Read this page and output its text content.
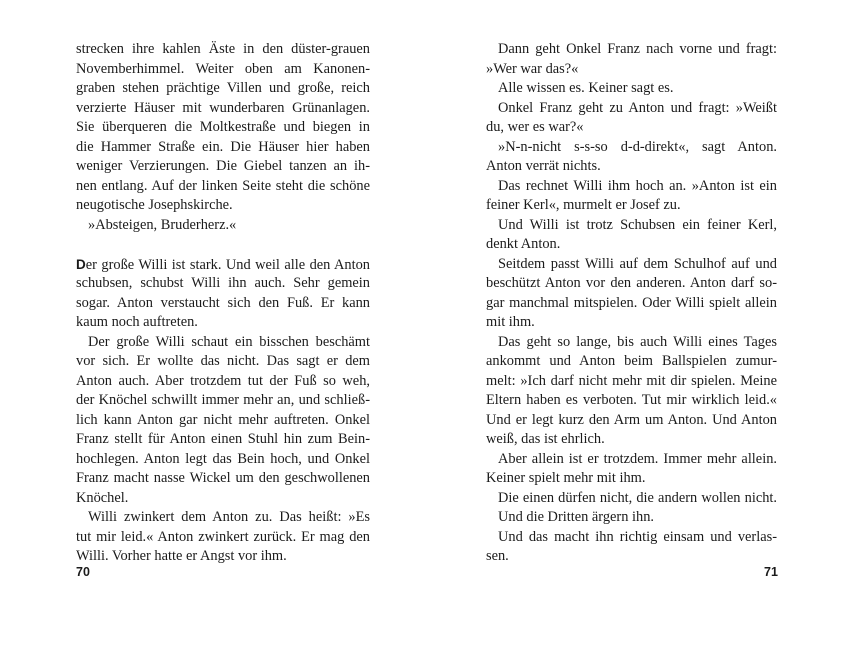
strecken ihre kahlen Äste in den düster-grauen
Novemberhimmel. Weiter oben am Kanonen-
graben stehen prächtige Villen und große, reich
verzierte Häuser mit wunderbaren Grünanlagen.
Sie überqueren die Moltkestraße und biegen in
die Hammer Straße ein. Die Häuser hier haben
weniger Verzierungen. Die Giebel tanzen an ih-
nen entlang. Auf der linken Seite steht die schöne
neugotische Josephskirche.
»Absteigen, Bruderherz.«
Der große Willi ist stark. Und weil alle den Anton
schubsen, schubst Willi ihn auch. Sehr gemein
sogar. Anton verstaucht sich den Fuß. Er kann
kaum noch auftreten.
Der große Willi schaut ein bisschen beschämt
vor sich. Er wollte das nicht. Das sagt er dem
Anton auch. Aber trotzdem tut der Fuß so weh,
der Knöchel schwillt immer mehr an, und schließ-
lich kann Anton gar nicht mehr auftreten. Onkel
Franz stellt für Anton einen Stuhl hin zum Bein-
hochlegen. Anton legt das Bein hoch, und Onkel
Franz macht nasse Wickel um den geschwollenen
Knöchel.
Willi zwinkert dem Anton zu. Das heißt: »Es
tut mir leid.« Anton zwinkert zurück. Er mag den
Willi. Vorher hatte er Angst vor ihm.
Dann geht Onkel Franz nach vorne und fragt:
»Wer war das?«
Alle wissen es. Keiner sagt es.
Onkel Franz geht zu Anton und fragt: »Weißt
du, wer es war?«
»N-n-nicht s-s-so d-d-direkt«, sagt Anton.
Anton verrät nichts.
Das rechnet Willi ihm hoch an. »Anton ist ein
feiner Kerl«, murmelt er Josef zu.
Und Willi ist trotz Schubsen ein feiner Kerl,
denkt Anton.
Seitdem passt Willi auf dem Schulhof auf und
beschützt Anton vor den anderen. Anton darf so-
gar manchmal mitspielen. Oder Willi spielt allein
mit ihm.
Das geht so lange, bis auch Willi eines Tages
ankommt und Anton beim Ballspielen zumur-
melt: »Ich darf nicht mehr mit dir spielen. Meine
Eltern haben es verboten. Tut mir wirklich leid.«
Und er legt kurz den Arm um Anton. Und Anton
weiß, das ist ehrlich.
Aber allein ist er trotzdem. Immer mehr allein.
Keiner spielt mehr mit ihm.
Die einen dürfen nicht, die andern wollen nicht.
Und die Dritten ärgern ihn.
Und das macht ihn richtig einsam und verlas-
sen.
70	71
